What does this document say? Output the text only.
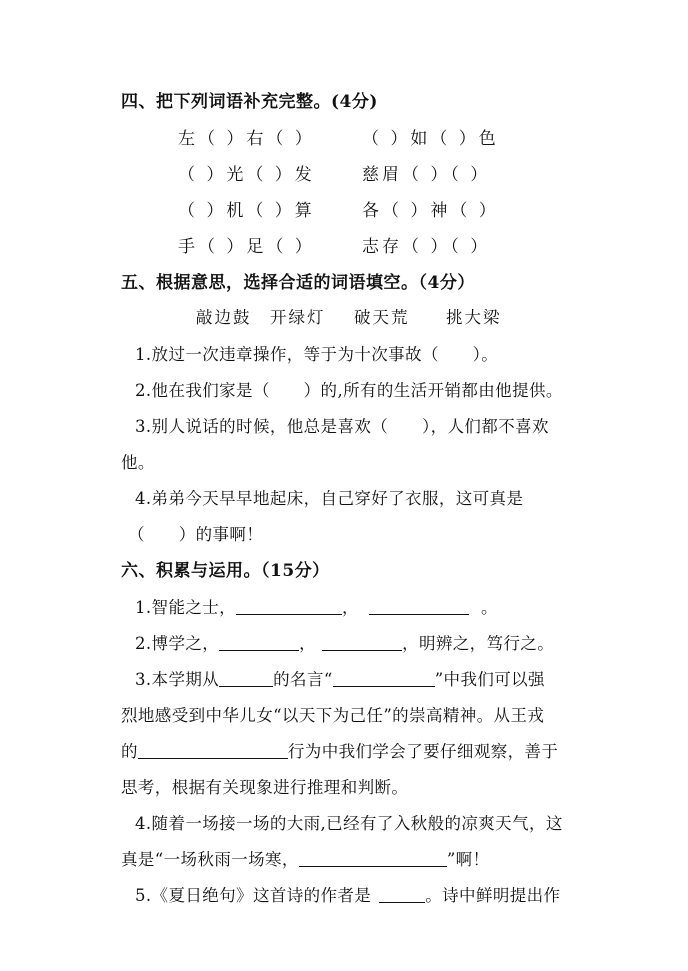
四、把下列词语补充完整。(4分)
左（ ）右（ ）	（ ）如（ ）色
（ ）光（ ）发	慈眉（ ）（ ）
（ ）机（ ）算	各（ ）神（ ）
手（ ）足（ ）	志存（ ）（ ）
五、根据意思，选择合适的词语填空。（4分）
敲边鼓 开绿灯 破天荒 挑大梁
1.放过一次违章操作，等于为十次事故（　　）。
2.他在我们家是（　　）的,所有的生活开销都由他提供。
3.别人说话的时候，他总是喜欢（　　），人们都不喜欢
他。
4.弟弟今天早早地起床，自己穿好了衣服，这可真是
（　　）的事啊！
六、积累与运用。（15分）
1.智能之士，	，	。
2.博学之，	，	，明辨之，笃行之。
3.本学期从	的名言“	”中我们可以强
烈地感受到中华儿女“以天下为己任”的崇高精神。从王戎
的	行为中我们学会了要仔细观察，善于
思考，根据有关现象进行推理和判断。
4.随着一场接一场的大雨,已经有了入秋般的凉爽天气，这
真是“一场秋雨一场寒，	”啊！
5.《夏日绝句》这首诗的作者是	。诗中鲜明提出作
